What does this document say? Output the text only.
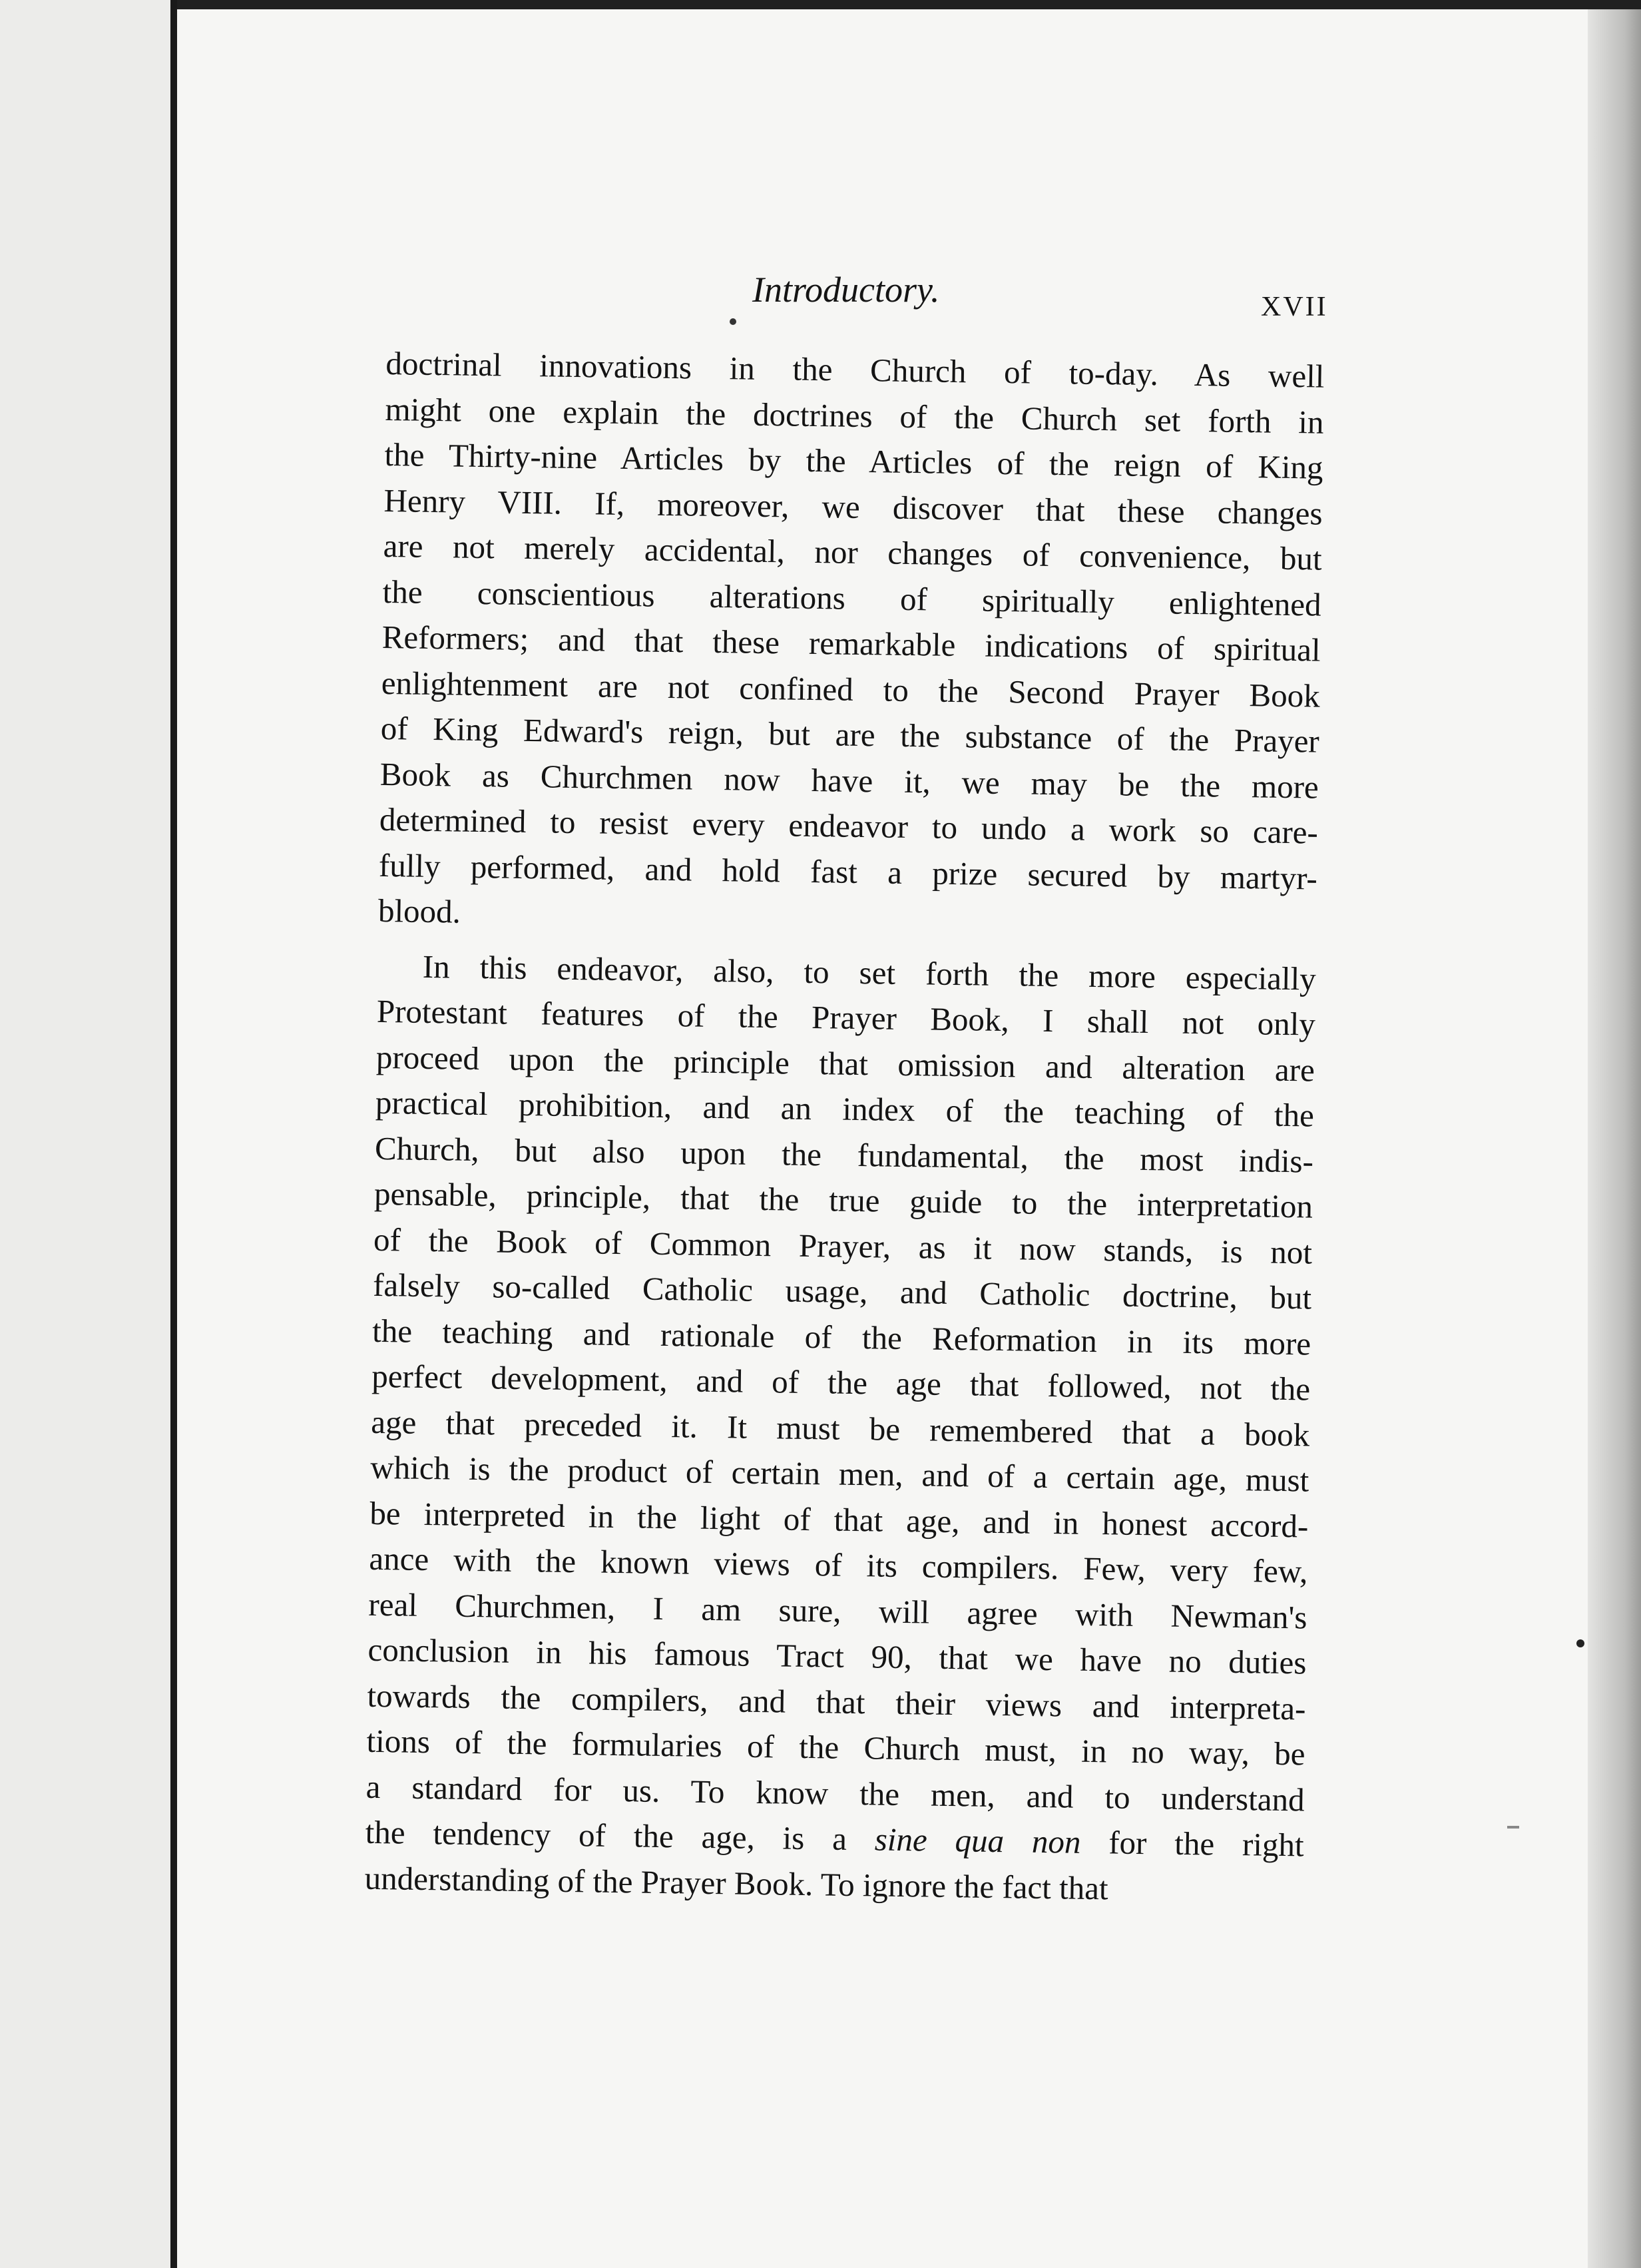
Introductory.	XVII
doctrinal innovations in the Church of to-day. As well
might one explain the doctrines of the Church set forth in
the Thirty-nine Articles by the Articles of the reign of King
Henry VIII. If, moreover, we discover that these changes
are not merely accidental, nor changes of convenience, but
the conscientious alterations of spiritually enlightened
Reformers; and that these remarkable indications of spiritual
enlightenment are not confined to the Second Prayer Book
of King Edward's reign, but are the substance of the Prayer
Book as Churchmen now have it, we may be the more
determined to resist every endeavor to undo a work so care-
fully performed, and hold fast a prize secured by martyr-
blood.
In this endeavor, also, to set forth the more especially
Protestant features of the Prayer Book, I shall not only
proceed upon the principle that omission and alteration are
practical prohibition, and an index of the teaching of the
Church, but also upon the fundamental, the most indis-
pensable, principle, that the true guide to the interpretation
of the Book of Common Prayer, as it now stands, is not
falsely so-called Catholic usage, and Catholic doctrine, but
the teaching and rationale of the Reformation in its more
perfect development, and of the age that followed, not the
age that preceded it. It must be remembered that a book
which is the product of certain men, and of a certain age, must
be interpreted in the light of that age, and in honest accord-
ance with the known views of its compilers. Few, very few,
real Churchmen, I am sure, will agree with Newman's
conclusion in his famous Tract 90, that we have no duties
towards the compilers, and that their views and interpreta-
tions of the formularies of the Church must, in no way, be
a standard for us. To know the men, and to understand
the tendency of the age, is a sine qua non for the right
understanding of the Prayer Book. To ignore the fact that
